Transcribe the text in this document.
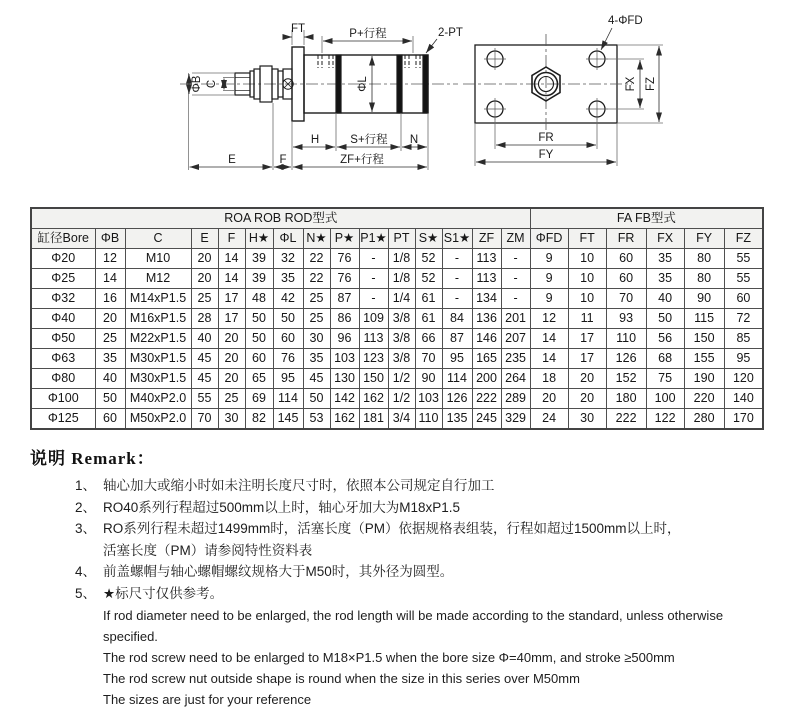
ΦB C
FT	P+行程	2-PT
ΦL
H	S+行程 N
E	F	ZF+行程
4-ΦFD
FX FZ
FR
FY
ROA ROB ROD型式															FA FB型式					
缸径Bore	ΦB	C	E	F	H★	ΦL	N★	P★	P1★	PT	S★	S1★	ZF	ZM	ΦFD	FT	FR	FX	FY	FZ
Φ20	12	M10	20	14	39	32	22	76	-	1/8	52	-	113	-	9	10	60	35	80	55
Φ25	14	M12	20	14	39	35	22	76	-	1/8	52	-	113	-	9	10	60	35	80	55
Φ32	16	M14xP1.5	25	17	48	42	25	87	-	1/4	61	-	134	-	9	10	70	40	90	60
Φ40	20	M16xP1.5	28	17	50	50	25	86	109	3/8	61	84	136	201	12	11	93	50	115	72
Φ50	25	M22xP1.5	40	20	50	60	30	96	113	3/8	66	87	146	207	14	17	110	56	150	85
Φ63	35	M30xP1.5	45	20	60	76	35	103	123	3/8	70	95	165	235	14	17	126	68	155	95
Φ80	40	M30xP1.5	45	20	65	95	45	130	150	1/2	90	114	200	264	18	20	152	75	190	120
Φ100	50	M40xP2.0	55	25	69	114	50	142	162	1/2	103	126	222	289	20	20	180	100	220	140
Φ125	60	M50xP2.0	70	30	82	145	53	162	181	3/4	110	135	245	329	24	30	222	122	280	170
说明 Remark：
1、 轴心加大或缩小时如未注明长度尺寸时，依照本公司规定自行加工
2、 RO40系列行程超过500mm以上时，轴心牙加大为M18xP1.5
3、 RO系列行程未超过1499mm时，活塞长度（PM）依据规格表组装，行程如超过1500mm以上时，
活塞长度（PM）请参阅特性资料表
4、 前盖螺帽与轴心螺帽螺纹规格大于M50时，其外径为圆型。
5、 ★标尺寸仅供参考。
If rod diameter need to be enlarged, the rod length will be made according to the standard, unless otherwise specified.
The rod screw need to be enlarged to M18×P1.5 when the bore size Φ=40mm, and stroke ≥500mm
The rod screw nut outside shape is round when the size in this series over M50mm
The sizes are just for your reference
